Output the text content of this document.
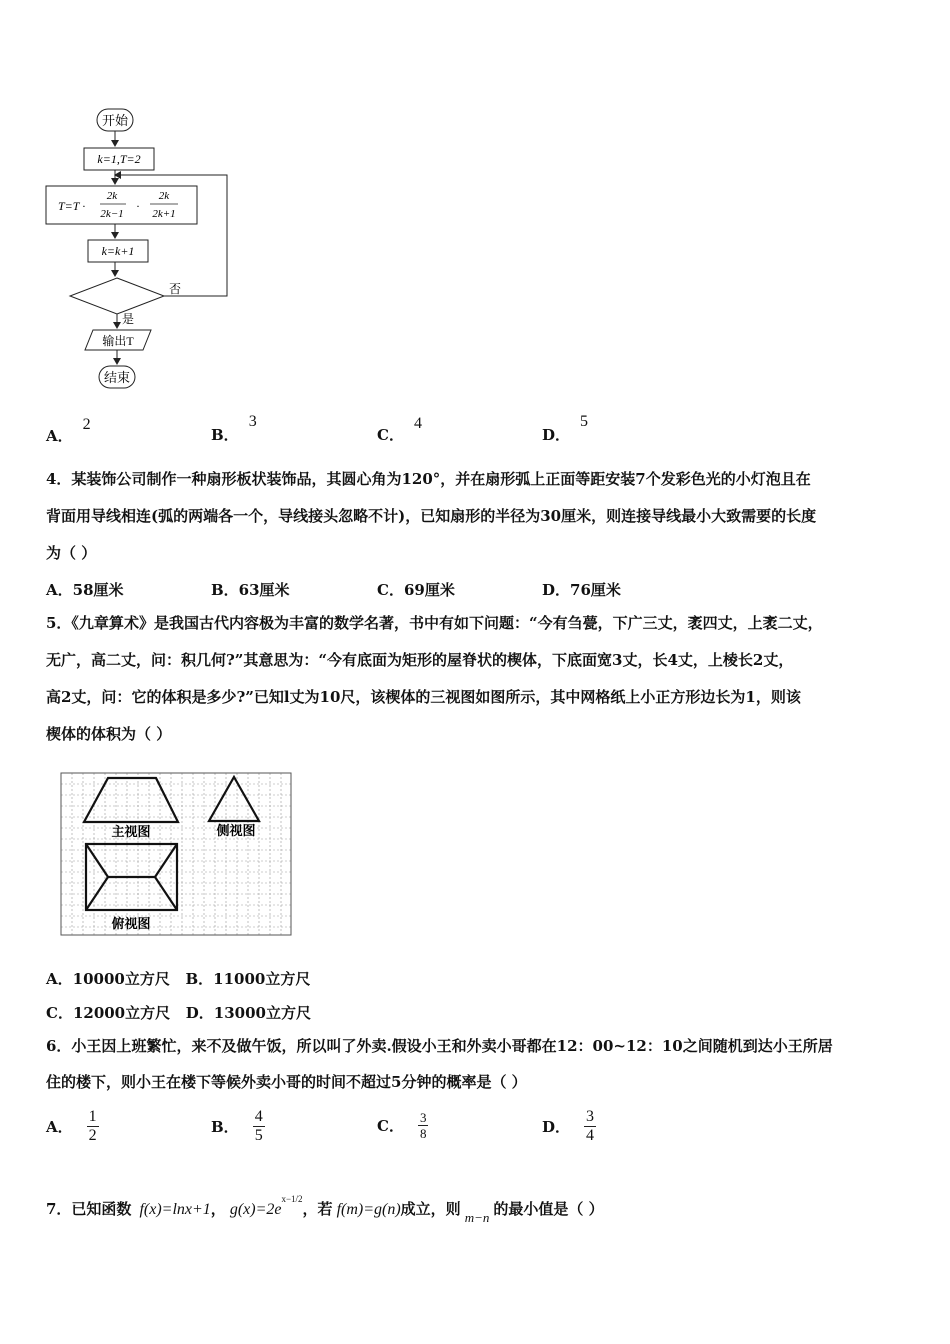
开始
k=1,T=2
T=T ·
2k
2k−1
·
2k
2k+1
k=k+1
否
是
输出T
结束
A．2
B．3
C．4
D．5
4．某装饰公司制作一种扇形板状装饰品，其圆心角为120°，并在扇形弧上正面等距安装7个发彩色光的小灯泡且在
背面用导线相连(弧的两端各一个，导线接头忽略不计)，已知扇形的半径为30厘米，则连接导线最小大致需要的长度
为（ ）
A．58厘米	B．63厘米	C．69厘米	D．76厘米
5．《九章算术》是我国古代内容极为丰富的数学名著，书中有如下问题：“今有刍甍，下广三丈，袤四丈，上袤二丈，
无广，高二丈，问：积几何?”其意思为：“今有底面为矩形的屋脊状的楔体，下底面宽3丈，长4丈，上棱长2丈，
高2丈，问：它的体积是多少?”已知l丈为10尺，该楔体的三视图如图所示，其中网格纸上小正方形边长为1，则该
楔体的体积为（ ）
主视图	侧视图
俯视图
A．10000立方尺   B．11000立方尺
C．12000立方尺   D．13000立方尺
6．小王因上班繁忙，来不及做午饭，所以叫了外卖.假设小王和外卖小哥都在12：00~12：10之间随机到达小王所居
住的楼下，则小王在楼下等候外卖小哥的时间不超过5分钟的概率是（ ）
A． $\frac{1}{2}$	B． $\frac{4}{5}$	C． $\frac{3}{8}$	D． $\frac{3}{4}$
7．已知函数 f(x)=lnx+1 ， g(x)=2e
x−1/2
，若 f(m)=g(n) 成立，则 m−n 的最小值是（ ）
